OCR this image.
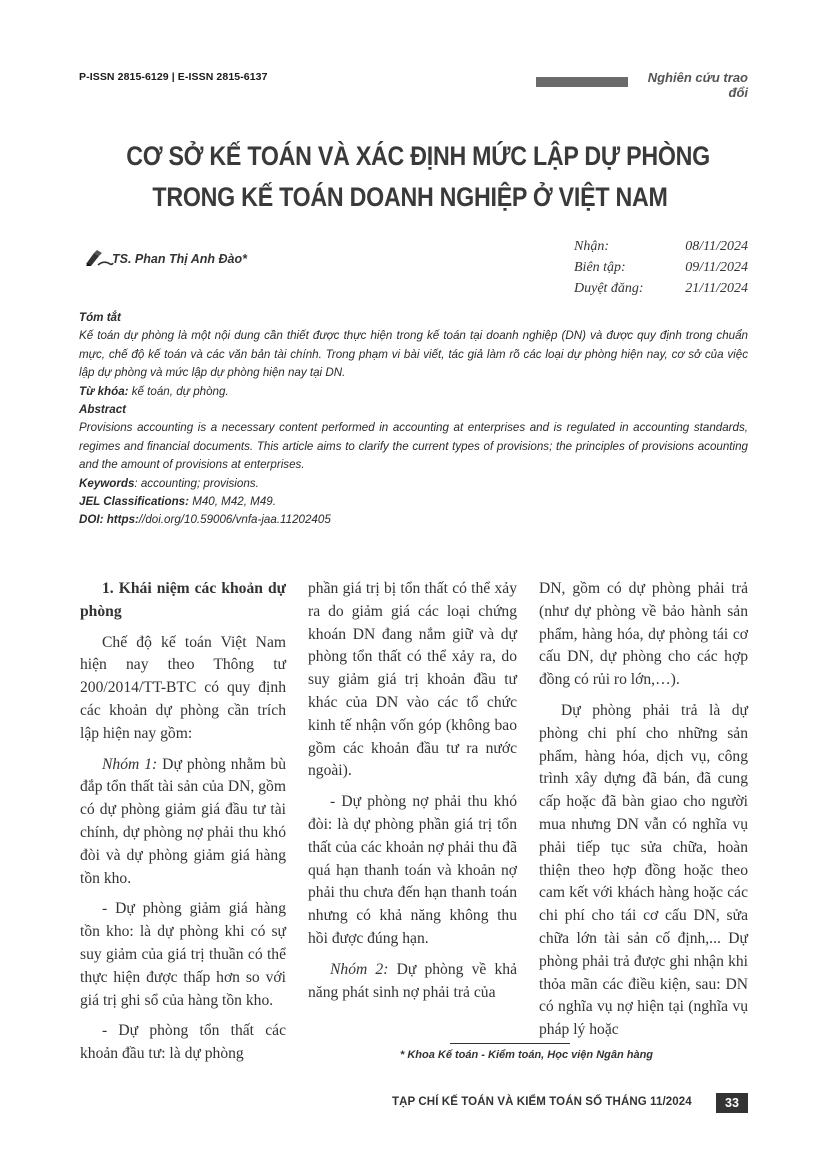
P-ISSN 2815-6129 | E-ISSN 2815-6137	Nghiên cứu trao đổi
CƠ SỞ KẾ TOÁN VÀ XÁC ĐỊNH MỨC LẬP DỰ PHÒNG
TRONG KẾ TOÁN DOANH NGHIỆP Ở VIỆT NAM
TS. Phan Thị Anh Đào*
Nhận:	08/11/2024
Biên tập:	09/11/2024
Duyệt đăng:	21/11/2024

Tóm tắt

Kế toán dự phòng là một nội dung cần thiết được thực hiện trong kế toán tại doanh nghiệp (DN) và được quy định trong chuẩn mực, chế độ kế toán và các văn bản tài chính. Trong phạm vi bài viết, tác giả làm rõ các loại dự phòng hiện nay, cơ sở của việc lập dự phòng và mức lập dự phòng hiện nay tại DN.

Từ khóa: kế toán, dự phòng.

Abstract

Provisions accounting is a necessary content performed in accounting at enterprises and is regulated in accounting standards, regimes and financial documents. This article aims to clarify the current types of provisions; the principles of provisions acounting and the amount of provisions at enterprises.

Keywords: accounting; provisions.

JEL Classifications: M40, M42, M49.

DOI: https://doi.org/10.59006/vnfa-jaa.11202405

1. Khái niệm các khoản dự phòng

Chế độ kế toán Việt Nam hiện nay theo Thông tư 200/2014/TT-BTC có quy định các khoản dự phòng cần trích lập hiện nay gồm:

Nhóm 1: Dự phòng nhằm bù đắp tổn thất tài sản của DN, gồm có dự phòng giảm giá đầu tư tài chính, dự phòng nợ phải thu khó đòi và dự phòng giảm giá hàng tồn kho.

- Dự phòng giảm giá hàng tồn kho: là dự phòng khi có sự suy giảm của giá trị thuần có thể thực hiện được thấp hơn so với giá trị ghi sổ của hàng tồn kho.

- Dự phòng tổn thất các khoản đầu tư: là dự phòng

phần giá trị bị tổn thất có thể xảy ra do giảm giá các loại chứng khoán DN đang nắm giữ và dự phòng tổn thất có thể xảy ra, do suy giảm giá trị khoản đầu tư khác của DN vào các tổ chức kinh tế nhận vốn góp (không bao gồm các khoản đầu tư ra nước ngoài).

- Dự phòng nợ phải thu khó đòi: là dự phòng phần giá trị tổn thất của các khoản nợ phải thu đã quá hạn thanh toán và khoản nợ phải thu chưa đến hạn thanh toán nhưng có khả năng không thu hồi được đúng hạn.

Nhóm 2: Dự phòng về khả năng phát sinh nợ phải trả của

DN, gồm có dự phòng phải trả (như dự phòng về bảo hành sản phẩm, hàng hóa, dự phòng tái cơ cấu DN, dự phòng cho các hợp đồng có rủi ro lớn,…).

Dự phòng phải trả là dự phòng chi phí cho những sản phẩm, hàng hóa, dịch vụ, công trình xây dựng đã bán, đã cung cấp hoặc đã bàn giao cho người mua nhưng DN vẫn có nghĩa vụ phải tiếp tục sửa chữa, hoàn thiện theo hợp đồng hoặc theo cam kết với khách hàng hoặc các chi phí cho tái cơ cấu DN, sửa chữa lớn tài sản cố định,... Dự phòng phải trả được ghi nhận khi thỏa mãn các điều kiện, sau: DN có nghĩa vụ nợ hiện tại (nghĩa vụ pháp lý hoặc

* Khoa Kế toán - Kiểm toán, Học viện Ngân hàng
TẠP CHÍ KẾ TOÁN VÀ KIỂM TOÁN SỐ THÁNG 11/2024	33
